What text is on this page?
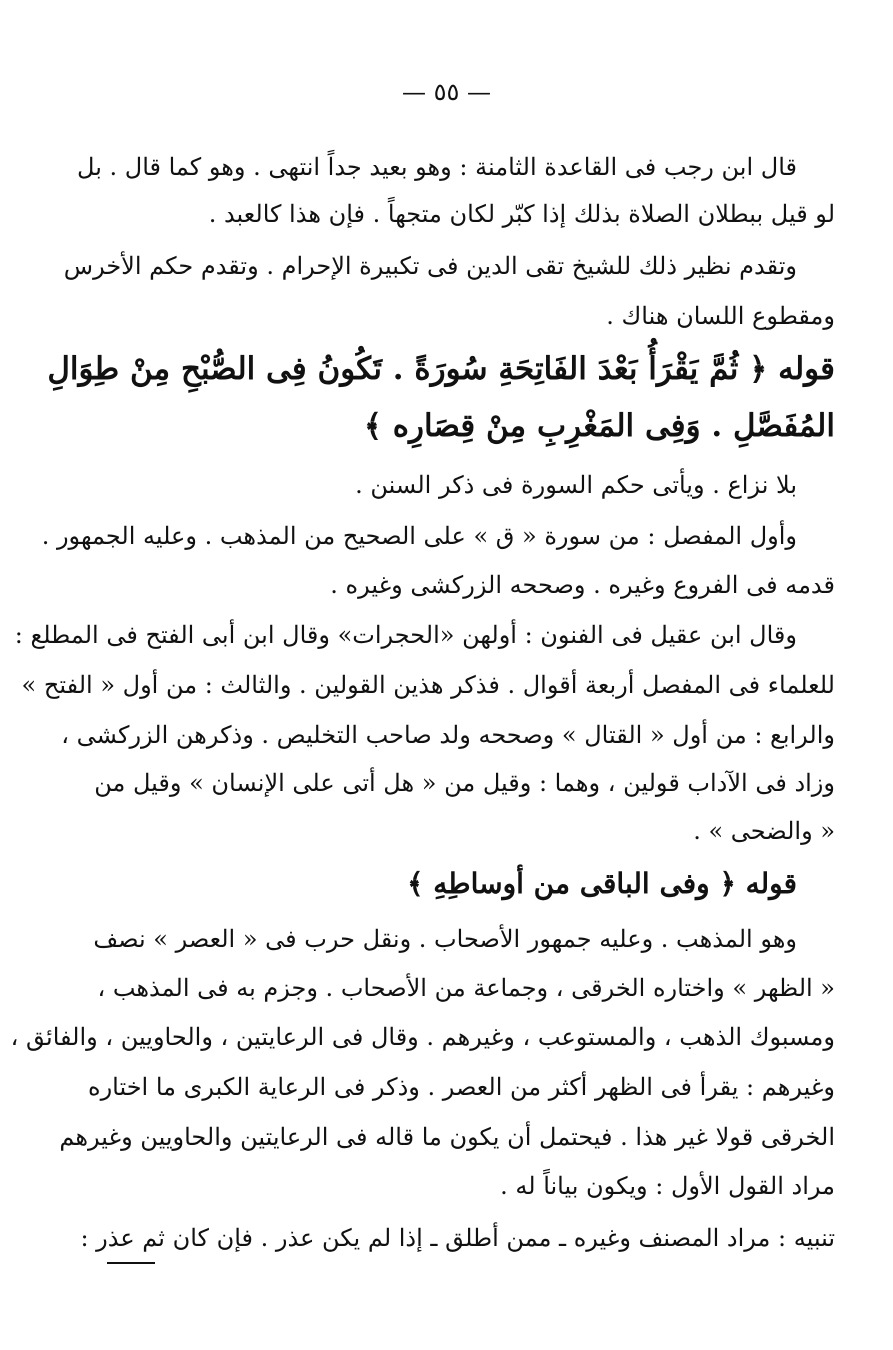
— ٥٥ —
قال ابن رجب فى القاعدة الثامنة : وهو بعيد جداً انتهى . وهو كما قال . بل
لو قيل ببطلان الصلاة بذلك إذا كبّر لكان متجهاً . فإن هذا كالعبد .
وتقدم نظير ذلك للشيخ تقى الدين فى تكبيرة الإحرام . وتقدم حكم الأخرس
ومقطوع اللسان هناك .
قوله ﴿ ثُمَّ يَقْرَأُ بَعْدَ الفَاتِحَةِ سُورَةً . تَكُونُ فِى الصُّبْحِ مِنْ طِوَالِ
المُفَصَّلِ . وَفِى المَغْرِبِ مِنْ قِصَارِه ﴾
بلا نزاع . ويأتى حكم السورة فى ذكر السنن .
وأول المفصل : من سورة « ق » على الصحيح من المذهب . وعليه الجمهور .
قدمه فى الفروع وغيره . وصححه الزركشى وغيره .
وقال ابن عقيل فى الفنون : أولهن «الحجرات» وقال ابن أبى الفتح فى المطلع :
للعلماء فى المفصل أربعة أقوال . فذكر هذين القولين . والثالث : من أول « الفتح »
والرابع : من أول « القتال » وصححه ولد صاحب التخليص . وذكرهن الزركشى ،
وزاد فى الآداب قولين ، وهما : وقيل من « هل أتى على الإنسان » وقيل من
« والضحى » .
قوله ﴿ وفى الباقى من أوساطِهِ ﴾
وهو المذهب . وعليه جمهور الأصحاب . ونقل حرب فى « العصر » نصف
« الظهر » واختاره الخرقى ، وجماعة من الأصحاب . وجزم به فى المذهب ،
ومسبوك الذهب ، والمستوعب ، وغيرهم . وقال فى الرعايتين ، والحاويين ، والفائق ،
وغيرهم : يقرأ فى الظهر أكثر من العصر . وذكر فى الرعاية الكبرى ما اختاره
الخرقى قولا غير هذا . فيحتمل أن يكون ما قاله فى الرعايتين والحاويين وغيرهم
مراد القول الأول : ويكون بياناً له .
تنبيه : مراد المصنف وغيره ـ ممن أطلق ـ إذا لم يكن عذر . فإن كان ثم عذر :
